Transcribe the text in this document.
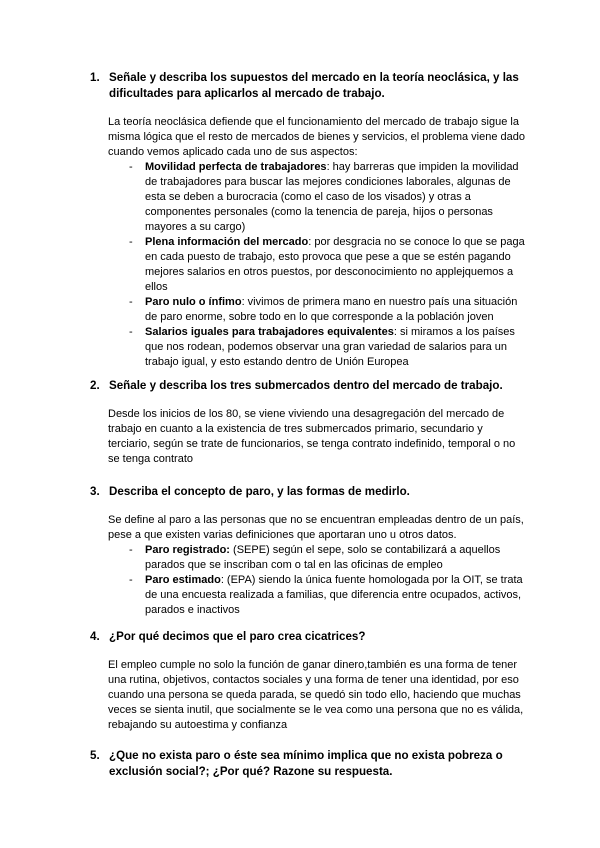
1. Señale y describa los supuestos del mercado en la teoría neoclásica, y las dificultades para aplicarlos al mercado de trabajo.

La teoría neoclásica defiende que el funcionamiento del mercado de trabajo sigue la misma lógica que el resto de mercados de bienes y servicios, el problema viene dado cuando vemos aplicado cada uno de sus aspectos:

- Movilidad perfecta de trabajadores: hay barreras que impiden la movilidad de trabajadores para buscar las mejores condiciones laborales, algunas de esta se deben a burocracia (como el caso de los visados) y otras a componentes personales (como la tenencia de pareja, hijos o personas mayores a su cargo)
- Plena información del mercado: por desgracia no se conoce lo que se paga en cada puesto de trabajo, esto provoca que pese a que se estén pagando mejores salarios en otros puestos, por desconocimiento no applejquemos a ellos
- Paro nulo o ínfimo: vivimos de primera mano en nuestro país una situación de paro enorme, sobre todo en lo que corresponde a la población joven
- Salarios iguales para trabajadores equivalentes: si miramos a los países que nos rodean, podemos observar una gran variedad de salarios para un trabajo igual, y esto estando dentro de Unión Europea
2. Señale y describa los tres submercados dentro del mercado de trabajo.

Desde los inicios de los 80, se viene viviendo una desagregación del mercado de trabajo en cuanto a la existencia de tres submercados primario, secundario y terciario, según se trate de funcionarios, se tenga contrato indefinido, temporal o no se tenga contrato

3. Describa el concepto de paro, y las formas de medirlo.

Se define al paro a las personas que no se encuentran empleadas dentro de un país, pese a que existen varias definiciones que aportaran uno u otros datos.

- Paro registrado: (SEPE) según el sepe, solo se contabilizará a aquellos parados que se inscriban com o tal en las oficinas de empleo
- Paro estimado: (EPA) siendo la única fuente homologada por la OIT, se trata de una encuesta realizada a familias, que diferencia entre ocupados, activos, parados e inactivos
4. ¿Por qué decimos que el paro crea cicatrices?

El empleo cumple no solo la función de ganar dinero,también es una forma de tener una rutina, objetivos, contactos sociales y una forma de tener una identidad, por eso cuando una persona se queda parada, se quedó sin todo ello, haciendo que muchas veces se sienta inutil, que socialmente se le vea como una persona que no es válida, rebajando su autoestima y confianza

5. ¿Que no exista paro o éste sea mínimo implica que no exista pobreza o exclusión social?; ¿Por qué? Razone su respuesta.
